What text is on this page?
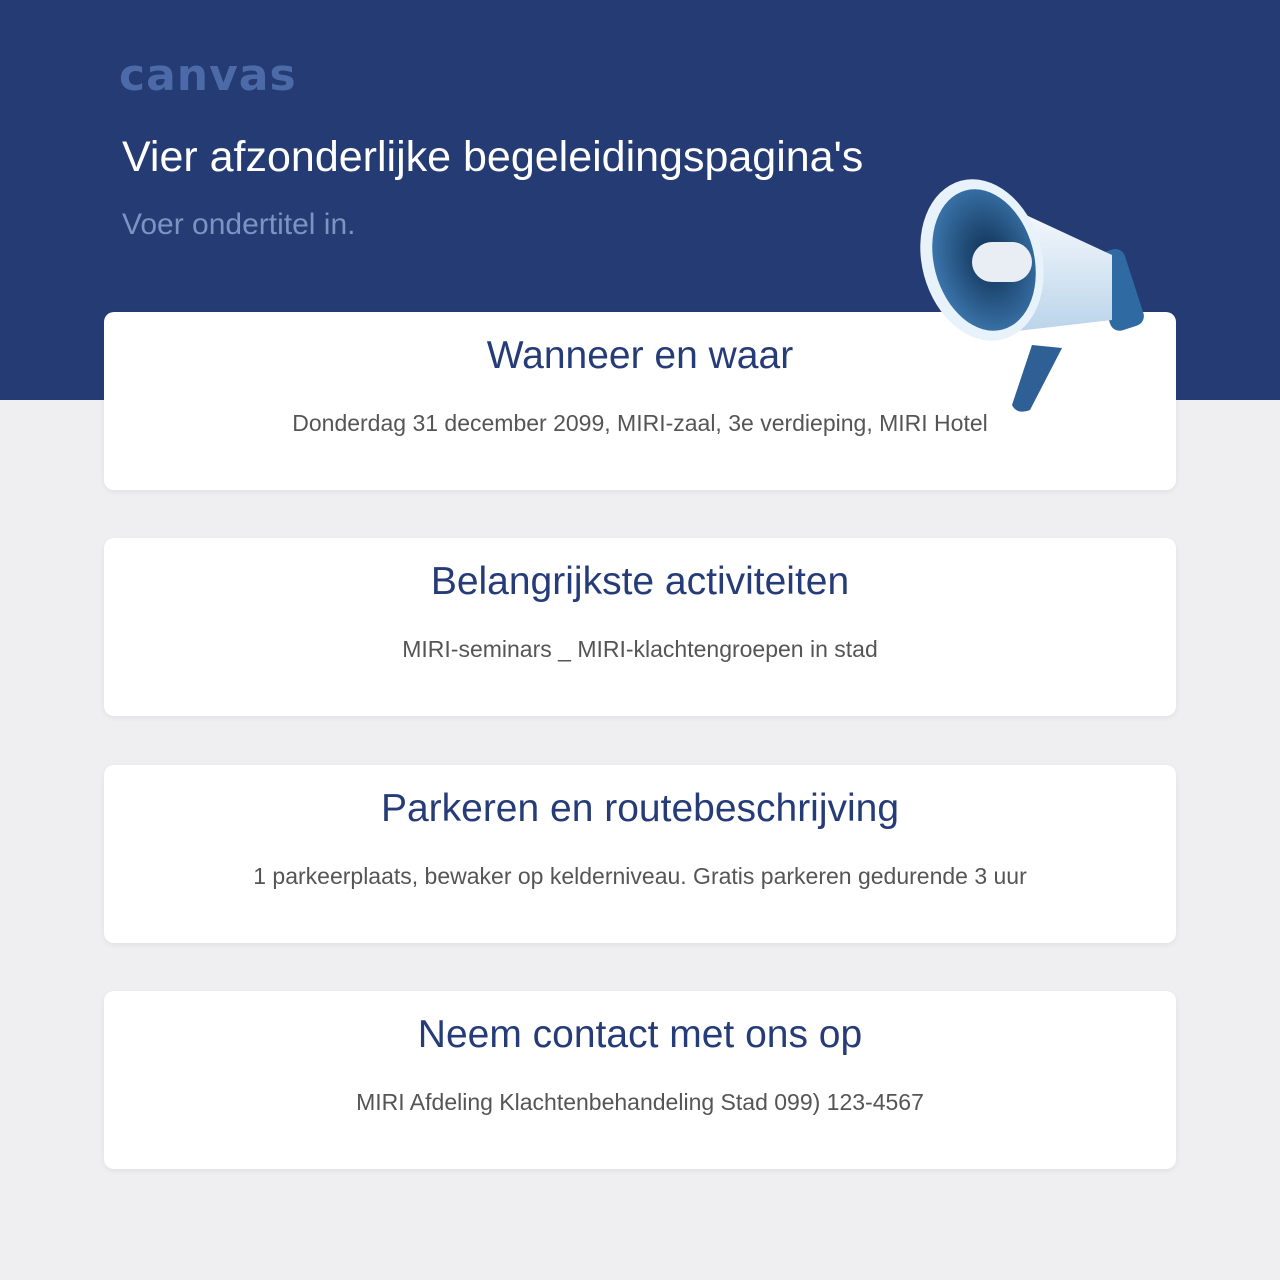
canvas
Vier afzonderlijke begeleidingspagina's
Voer ondertitel in.
Wanneer en waar

Donderdag 31 december 2099, MIRI-zaal, 3e verdieping, MIRI Hotel

Belangrijkste activiteiten

MIRI-seminars _ MIRI-klachtengroepen in stad

Parkeren en routebeschrijving

1 parkeerplaats, bewaker op kelderniveau. Gratis parkeren gedurende 3 uur

Neem contact met ons op

MIRI Afdeling Klachtenbehandeling Stad 099) 123-4567
